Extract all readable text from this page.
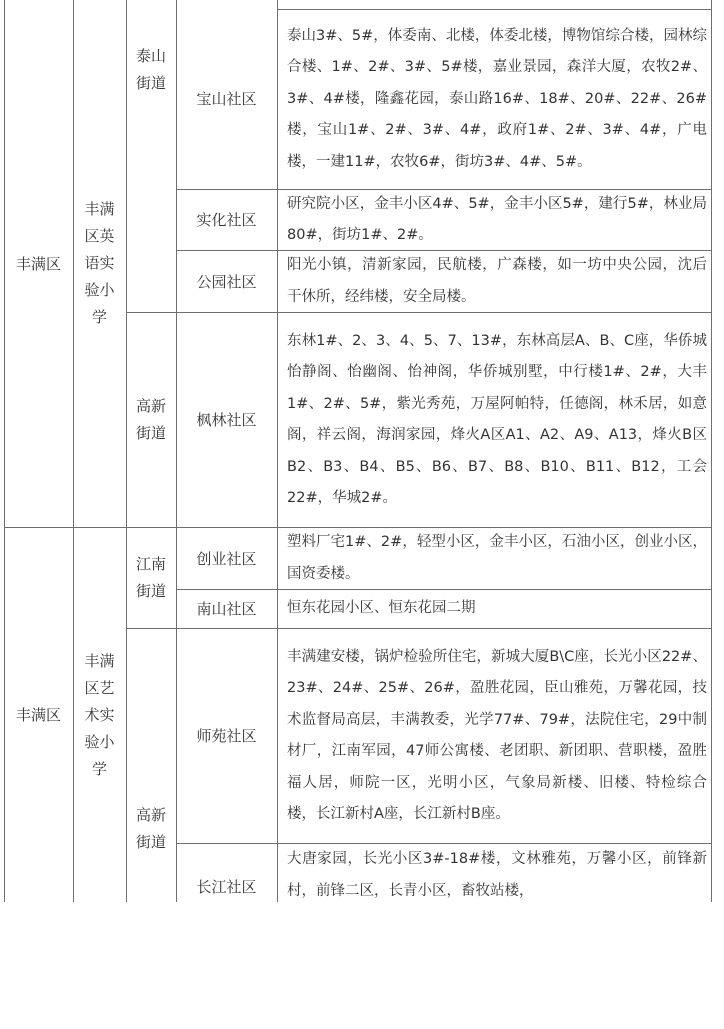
丰满区
丰满
区英
语实
验小
学
泰山
街道
高新
街道
宝山社区
泰山3#、5#，体委南、北楼，体委北楼，博物馆综合楼，园林综合楼、1#、2#、3#、5#楼，嘉业景园，森洋大厦，农牧2#、3#、4#楼，隆鑫花园，泰山路16#、18#、20#、22#、26#楼，宝山1#、2#、3#、4#，政府1#、2#、3#、4#，广电楼，一建11#，农牧6#，街坊3#、4#、5#。
实化社区
研究院小区，金丰小区4#、5#，金丰小区5#，建行5#，林业局80#，街坊1#、2#。
公园社区
阳光小镇，清新家园，民航楼，广森楼，如一坊中央公园，沈后干休所，经纬楼，安全局楼。
枫林社区
东林1#、2、3、4、5、7、13#，东林高层A、B、C座，华侨城怡静阁、怡幽阁、怡神阁，华侨城别墅，中行楼1#、2#，大丰1#、2#、5#，紫光秀苑，万屋阿帕特，任德阁，林禾居，如意阁，祥云阁，海润家园，烽火A区A1、A2、A9、A13，烽火B区B2、B3、B4、B5、B6、B7、B8、B10、B11、B12，工会22#，华城2#。
丰满区
丰满
区艺
术实
验小
学
江南
街道
高新
街道
创业社区
塑料厂宅1#、2#，轻型小区，金丰小区，石油小区，创业小区，国资委楼。
南山社区	恒东花园小区、恒东花园二期
师苑社区
丰满建安楼，锅炉检验所住宅，新城大厦B\C座，长光小区22#、23#、24#、25#、26#，盈胜花园，臣山雅苑，万馨花园，技术监督局高层，丰满教委，光学77#、79#，法院住宅，29中制材厂，江南军园，47师公寓楼、老团职、新团职、营职楼，盈胜福人居，师院一区，光明小区，气象局新楼、旧楼、特检综合楼，长江新村A座，长江新村B座。
长江社区
大唐家园，长光小区3#-18#楼，文林雅苑，万馨小区，前锋新村，前锋二区，长青小区，畜牧站楼，
